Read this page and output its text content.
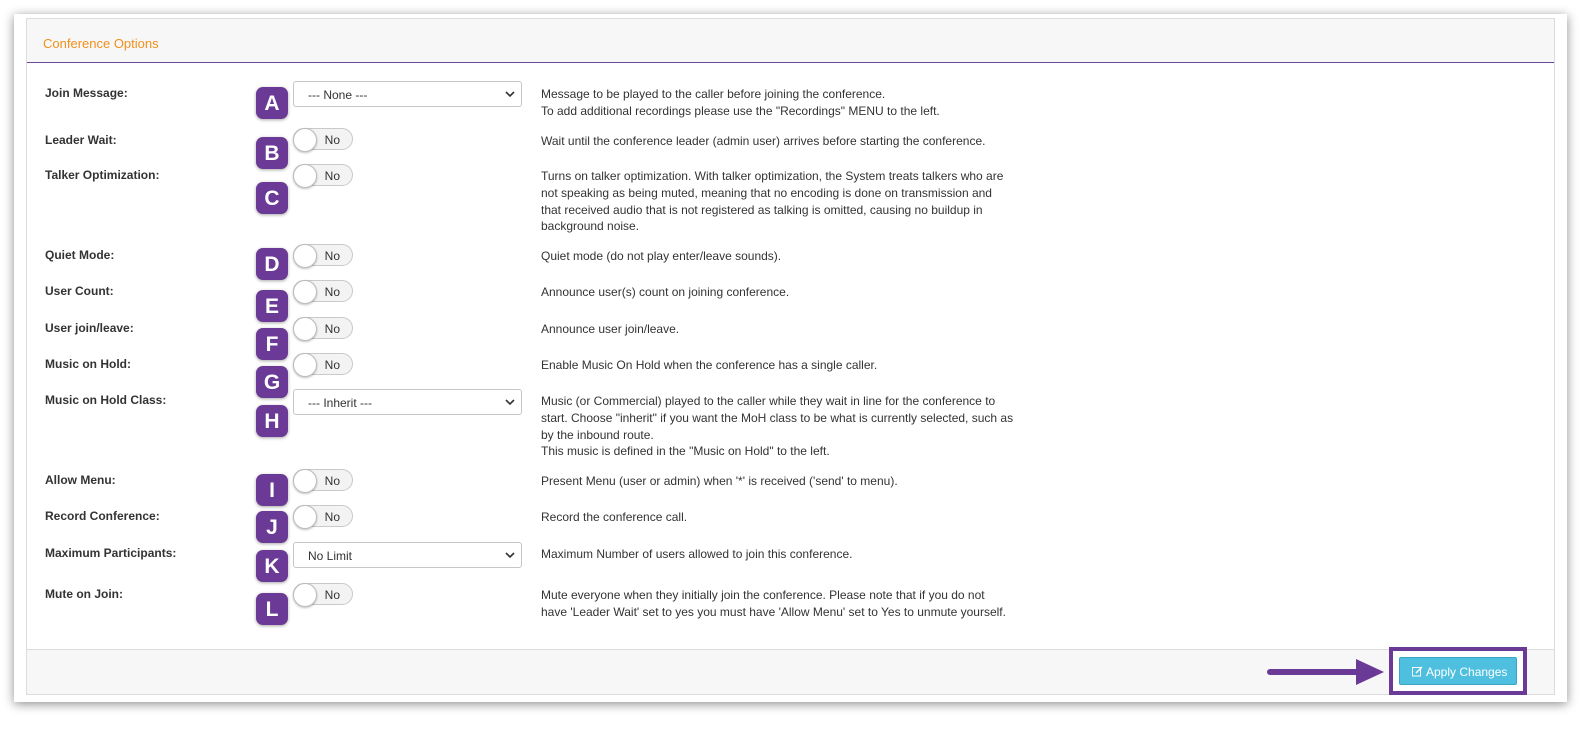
Conference Options
Join Message:	A	--- None ---	Message to be played to the caller before joining the conference.
To add additional recordings please use the "Recordings" MENU to the left.
Leader Wait:
B
No	Wait until the conference leader (admin user) arrives before starting the conference.
Talker Optimization:
C
No	Turns on talker optimization. With talker optimization, the System treats talkers who are
not speaking as being muted, meaning that no encoding is done on transmission and
that received audio that is not registered as talking is omitted, causing no buildup in
background noise.
Quiet Mode:	D	No	Quiet mode (do not play enter/leave sounds).
User Count:
E
No	Announce user(s) count on joining conference.
User join/leave:
F
No	Announce user join/leave.
Music on Hold:
G
No	Enable Music On Hold when the conference has a single caller.
Music on Hold Class:
H
--- Inherit ---	Music (or Commercial) played to the caller while they wait in line for the conference to
start. Choose "inherit" if you want the MoH class to be what is currently selected, such as
by the inbound route.
This music is defined in the "Music on Hold" to the left.
Allow Menu:	I	No	Present Menu (user or admin) when '*' is received ('send' to menu).
Record Conference:	J	No	Record the conference call.
Maximum Participants:
K	No Limit	Maximum Number of users allowed to join this conference.
Mute on Join:
L
No	Mute everyone when they initially join the conference. Please note that if you do not
have 'Leader Wait' set to yes you must have 'Allow Menu' set to Yes to unmute yourself.
Apply Changes
